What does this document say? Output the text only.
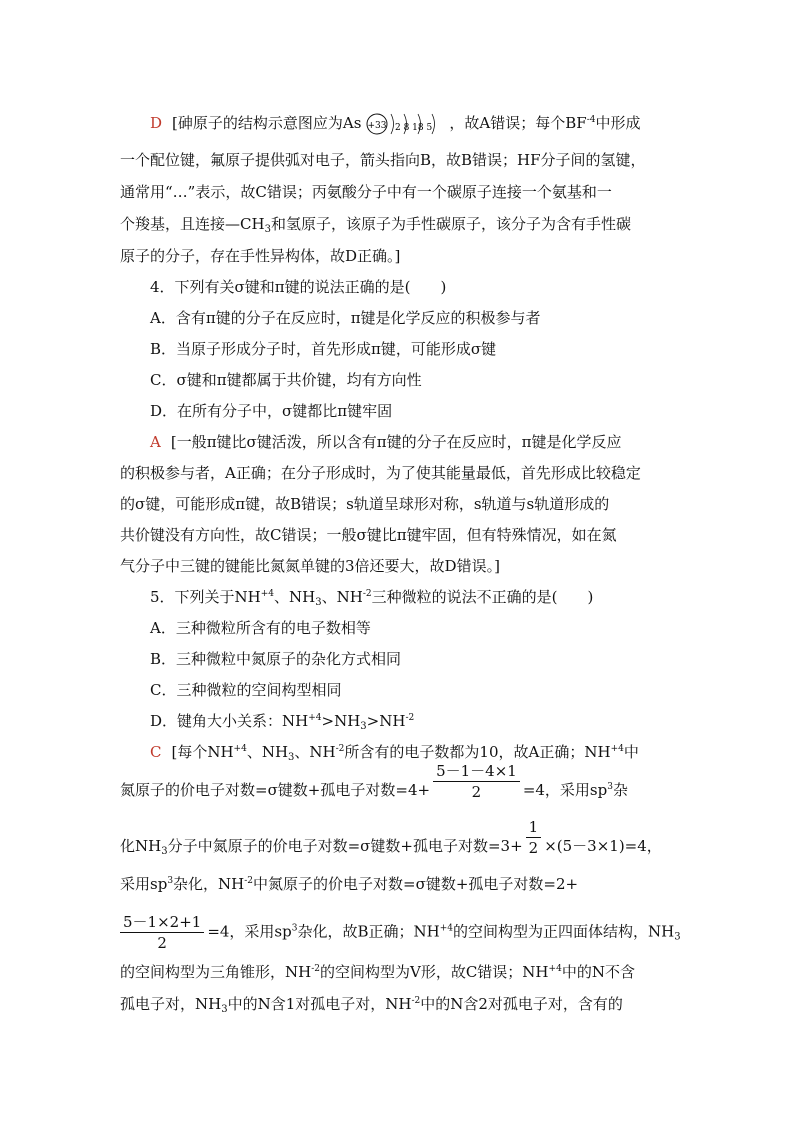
D [砷原子的结构示意图应为As +33 2 8 18 5 ，故A错误；每个$BF^{-4}$中形成
一个配位键，氟原子提供弧对电子，箭头指向B，故B错误；HF分子间的氢键，
通常用“…”表示，故C错误；丙氨酸分子中有一个碳原子连接一个氨基和一
个羧基，且连接$—CH_3$和氢原子，该原子为手性碳原子，该分子为含有手性碳
原子的分子，存在手性异构体，故D正确。]
4．下列有关σ键和π键的说法正确的是(　　)
A．含有π键的分子在反应时，π键是化学反应的积极参与者
B．当原子形成分子时，首先形成π键，可能形成σ键
C．σ键和π键都属于共价键，均有方向性
D．在所有分子中，σ键都比π键牢固
A [一般π键比σ键活泼，所以含有π键的分子在反应时，π键是化学反应
的积极参与者，A正确；在分子形成时，为了使其能量最低，首先形成比较稳定
的σ键，可能形成π键，故B错误；s轨道呈球形对称，s轨道与s轨道形成的
共价键没有方向性，故C错误；一般σ键比π键牢固，但有特殊情况，如在氮
气分子中三键的键能比氮氮单键的3倍还要大，故D错误。]
5．下列关于$NH^{+4}$、$NH_3$、$NH^{-2}$三种微粒的说法不正确的是(　　)
A．三种微粒所含有的电子数相等
B．三种微粒中氮原子的杂化方式相同
C．三种微粒的空间构型相同
D．键角大小关系：$NH^{+4}>NH_3>NH^{-2}$
C [每个$NH^{+4}$、$NH_3$、$NH^{-2}$所含有的电子数都为10，故A正确；$NH^{+4}$中
氮原子的价电子对数=σ键数+孤电子对数$=4+ \frac{5-1-4\times 1}{2} =4$，采用$sp^3$杂
化$NH_3$分子中氮原子的价电子对数=σ键数+孤电子对数$=3+ \frac{1}{2} \times(5-3\times 1)=4$，
采用$sp^3$杂化，$NH^{-2}$中氮原子的价电子对数=σ键数+孤电子对数=2+
$\frac{5-1\times 2+1}{2} =4$，采用$sp^3$杂化，故B正确；$NH^{+4}$的空间构型为正四面体结构，$NH_3$
的空间构型为三角锥形，$NH^{-2}$的空间构型为V形，故C错误；$NH^{+4}$中的N不含
孤电子对，$NH_3$中的N含1对孤电子对，$NH^{-2}$中的N含2对孤电子对，含有的
